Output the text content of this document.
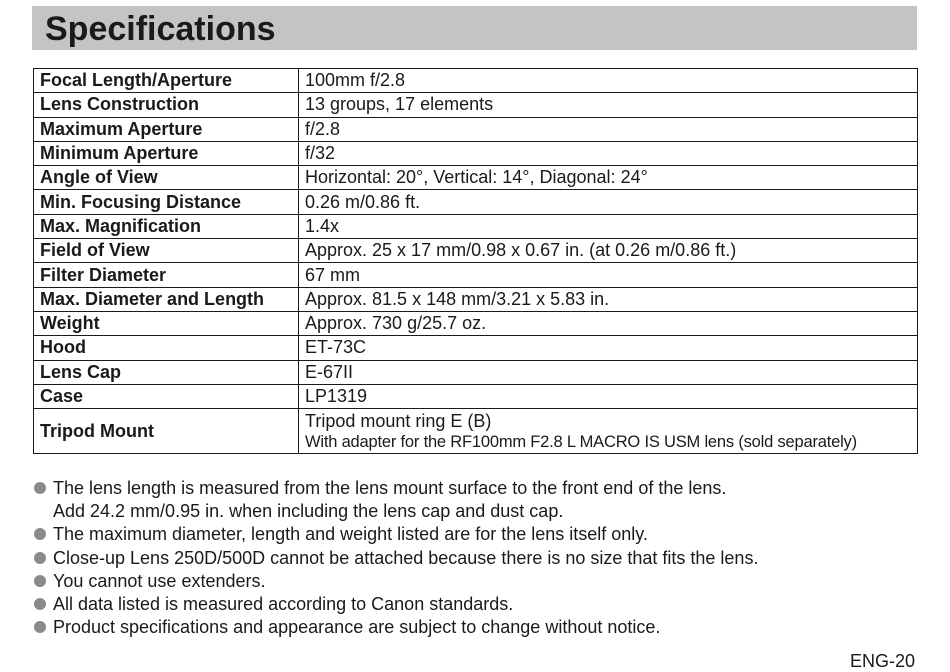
Specifications
Focal Length/Aperture	100mm f/2.8
Lens Construction	13 groups, 17 elements
Maximum Aperture	f/2.8
Minimum Aperture	f/32
Angle of View	Horizontal: 20°, Vertical: 14°, Diagonal: 24°
Min. Focusing Distance	0.26 m/0.86 ft.
Max. Magnification	1.4x
Field of View	Approx. 25 x 17 mm/0.98 x 0.67 in. (at 0.26 m/0.86 ft.)
Filter Diameter	67 mm
Max. Diameter and Length	Approx. 81.5 x 148 mm/3.21 x 5.83 in.
Weight	Approx. 730 g/25.7 oz.
Hood	ET-73C
Lens Cap	E-67II
Case	LP1319
Tripod Mount	Tripod mount ring E (B)
With adapter for the RF100mm F2.8 L MACRO IS USM lens (sold separately)
The lens length is measured from the lens mount surface to the front end of the lens.
Add 24.2 mm/0.95 in. when including the lens cap and dust cap.
The maximum diameter, length and weight listed are for the lens itself only.
Close-up Lens 250D/500D cannot be attached because there is no size that fits the lens.
You cannot use extenders.
All data listed is measured according to Canon standards.
Product specifications and appearance are subject to change without notice.
ENG-20
